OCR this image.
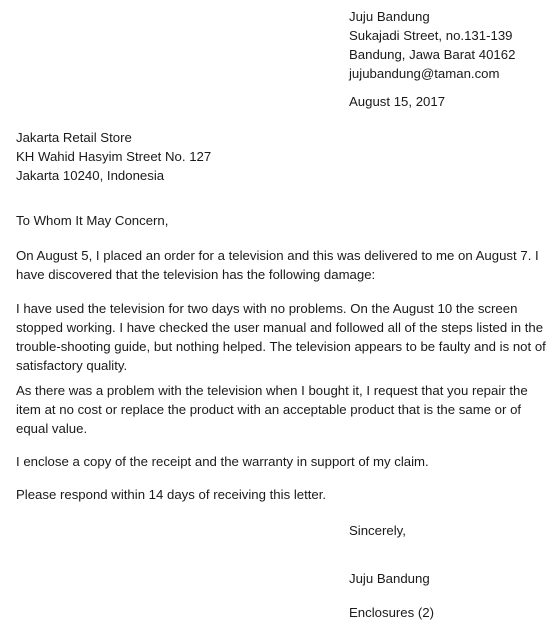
Juju Bandung
Sukajadi Street, no.131-139
Bandung, Jawa Barat 40162
jujubandung@taman.com
August 15, 2017
Jakarta Retail Store
KH Wahid Hasyim Street No. 127
Jakarta 10240, Indonesia
To Whom It May Concern,
On August 5, I placed an order for a television and this was delivered to me on August 7. I
have discovered that the television has the following damage:
I have used the television for two days with no problems. On the August 10 the screen
stopped working. I have checked the user manual and followed all of the steps listed in the
trouble-shooting guide, but nothing helped. The television appears to be faulty and is not of
satisfactory quality.
As there was a problem with the television when I bought it, I request that you repair the
item at no cost or replace the product with an acceptable product that is the same or of
equal value.
I enclose a copy of the receipt and the warranty in support of my claim.
Please respond within 14 days of receiving this letter.
Sincerely,
Juju Bandung
Enclosures (2)
